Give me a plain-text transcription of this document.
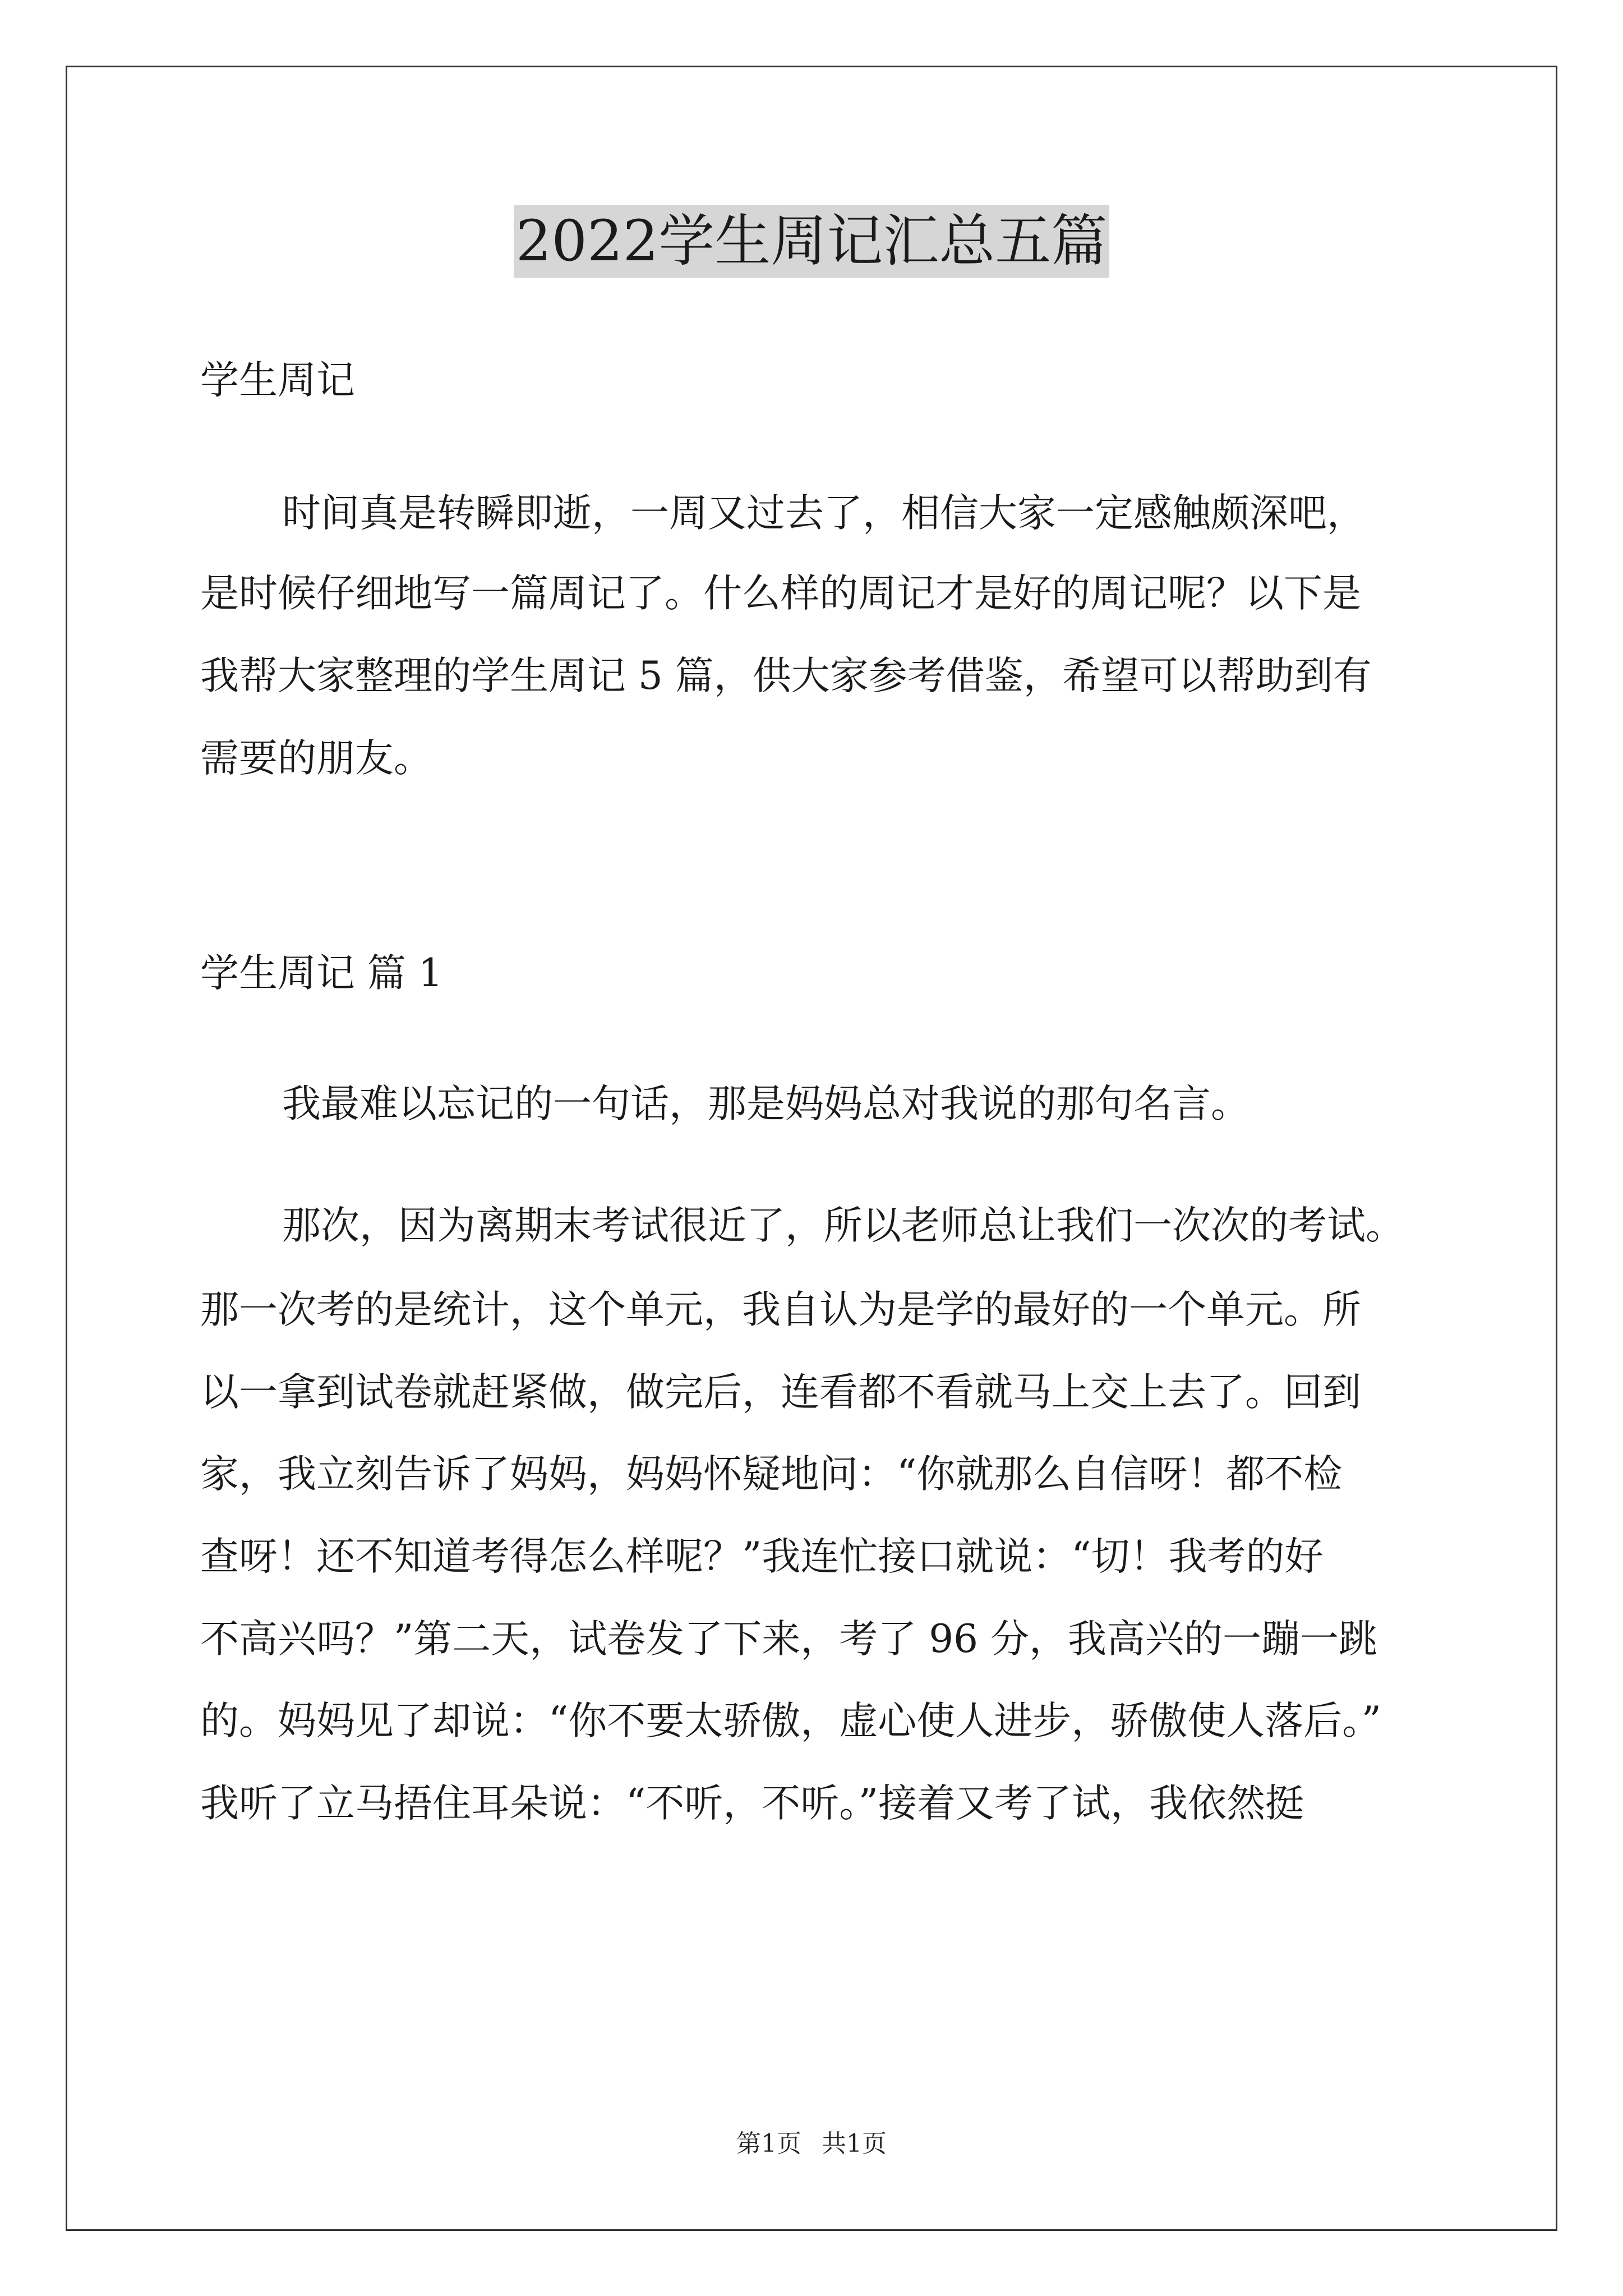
2022学生周记汇总五篇
学生周记
时间真是转瞬即逝，一周又过去了，相信大家一定感触颇深吧，
是时候仔细地写一篇周记了。什么样的周记才是好的周记呢？以下是
我帮大家整理的学生周记 5 篇，供大家参考借鉴，希望可以帮助到有
需要的朋友。
学生周记 篇 1
我最难以忘记的一句话，那是妈妈总对我说的那句名言。
那次，因为离期末考试很近了，所以老师总让我们一次次的考试。
那一次考的是统计，这个单元，我自认为是学的最好的一个单元。所
以一拿到试卷就赶紧做，做完后，连看都不看就马上交上去了。回到
家，我立刻告诉了妈妈，妈妈怀疑地问：“你就那么自信呀！都不检
查呀！还不知道考得怎么样呢？”我连忙接口就说：“切！我考的好
不高兴吗？”第二天，试卷发了下来，考了 96 分，我高兴的一蹦一跳
的。妈妈见了却说：“你不要太骄傲，虚心使人进步，骄傲使人落后。”
我听了立马捂住耳朵说：“不听，不听。”接着又考了试，我依然挺
第1页 共1页
